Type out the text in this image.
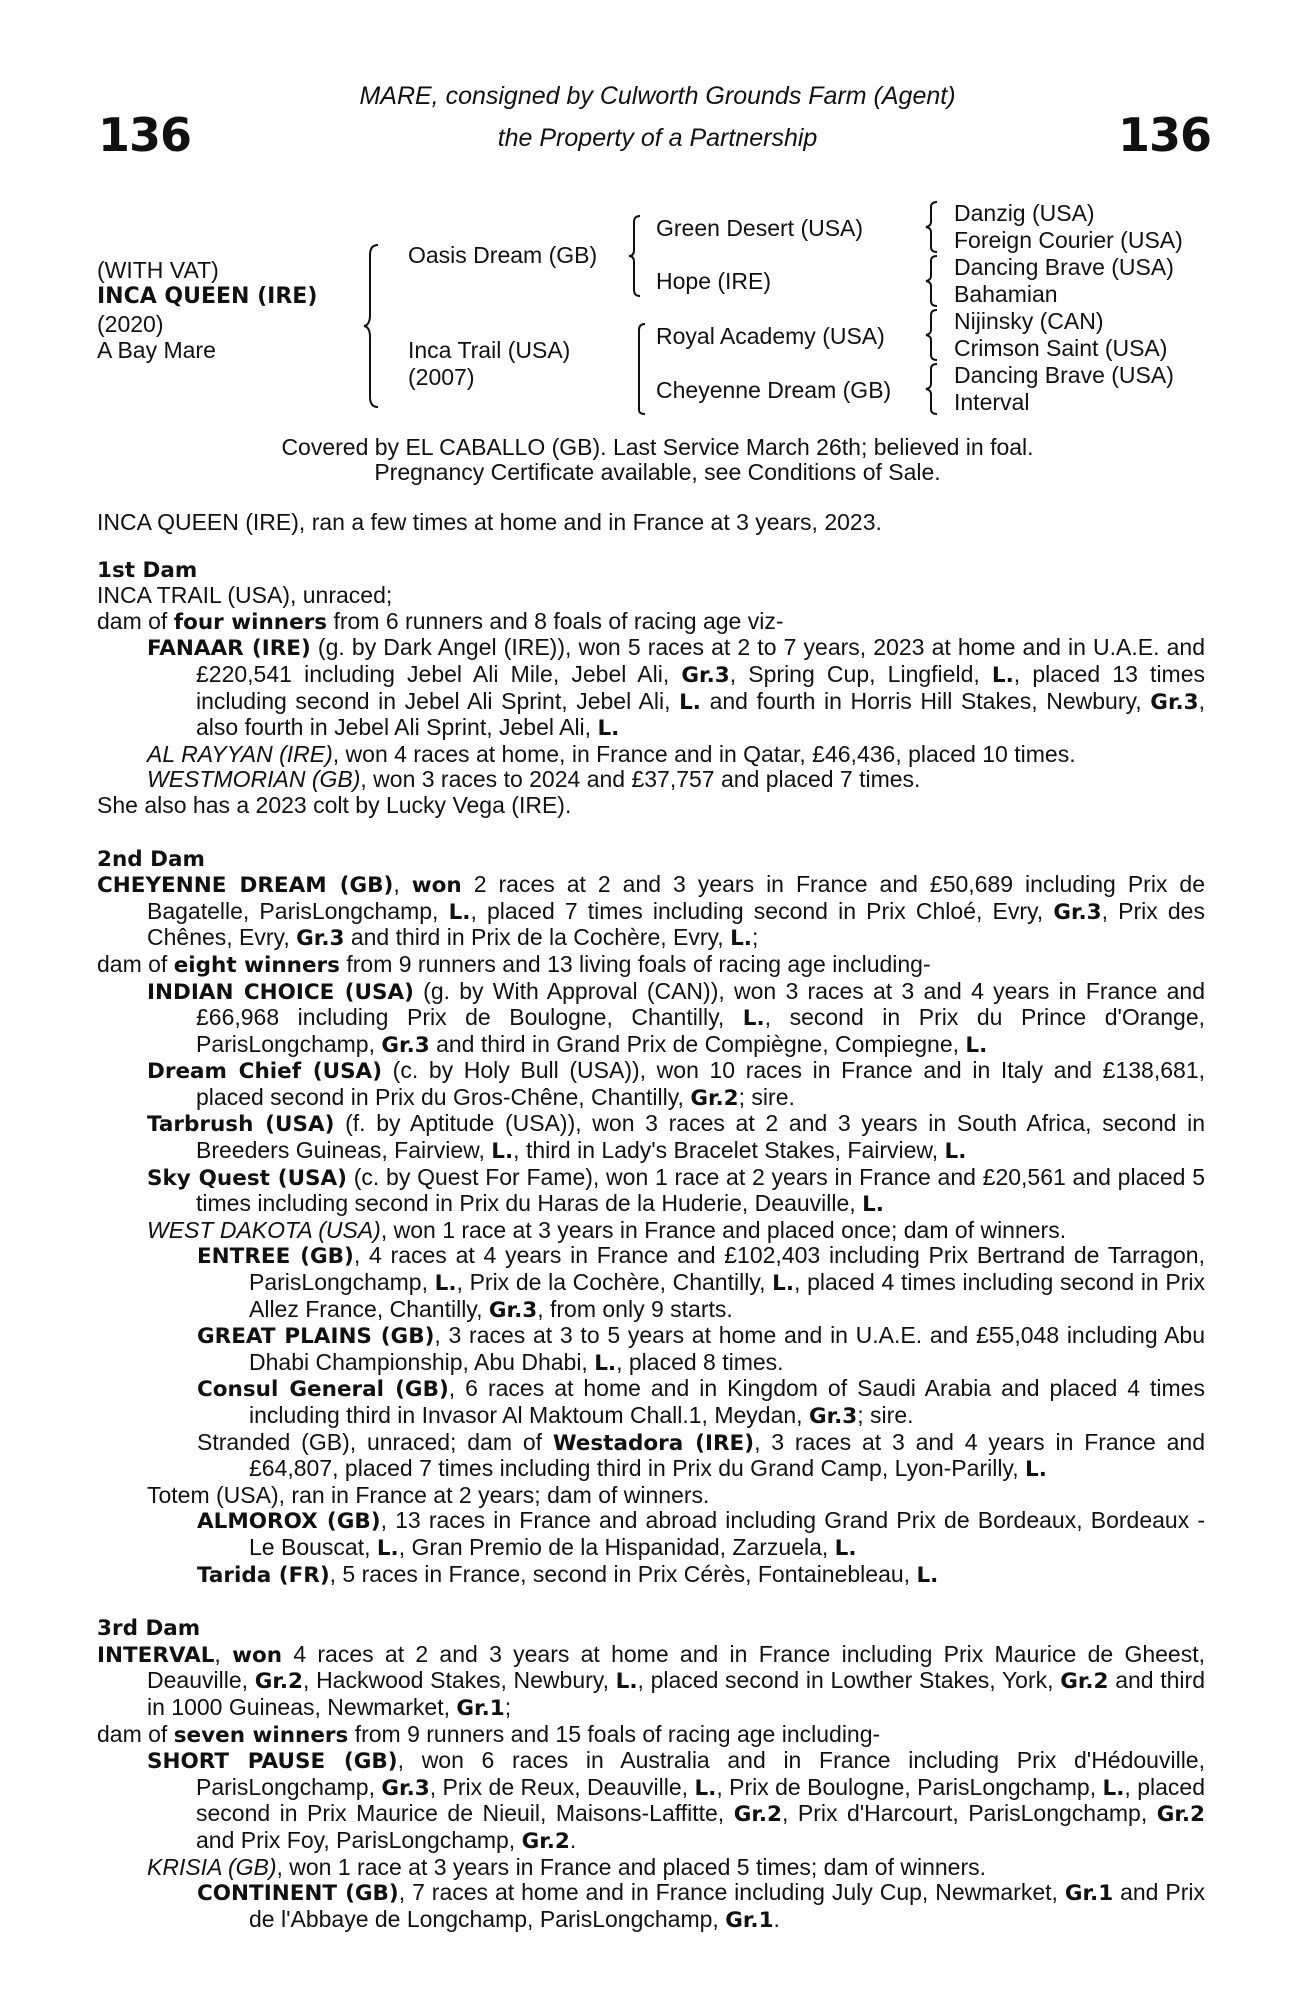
136	136
MARE, consigned by Culworth Grounds Farm (Agent)
the Property of a Partnership
(WITH VAT)
INCA QUEEN (IRE)
(2020)
A Bay Mare
Oasis Dream (GB)
Inca Trail (USA)
(2007)
Green Desert (USA)
Hope (IRE)
Royal Academy (USA)
Cheyenne Dream (GB)
Danzig (USA)
Foreign Courier (USA)
Dancing Brave (USA)
Bahamian
Nijinsky (CAN)
Crimson Saint (USA)
Dancing Brave (USA)
Interval
Covered by EL CABALLO (GB). Last Service March 26th; believed in foal.
Pregnancy Certificate available, see Conditions of Sale.

INCA QUEEN (IRE), ran a few times at home and in France at 3 years, 2023.

1st Dam

INCA TRAIL (USA), unraced;

dam of four winners from 6 runners and 8 foals of racing age viz-

FANAAR (IRE) (g. by Dark Angel (IRE)), won 5 races at 2 to 7 years, 2023 at home and in U.A.E. and £220,541 including Jebel Ali Mile, Jebel Ali, Gr.3, Spring Cup, Lingfield, L., placed 13 times including second in Jebel Ali Sprint, Jebel Ali, L. and fourth in Horris Hill Stakes, Newbury, Gr.3, also fourth in Jebel Ali Sprint, Jebel Ali, L.

AL RAYYAN (IRE), won 4 races at home, in France and in Qatar, £46,436, placed 10 times.

WESTMORIAN (GB), won 3 races to 2024 and £37,757 and placed 7 times.

She also has a 2023 colt by Lucky Vega (IRE).

2nd Dam

CHEYENNE DREAM (GB), won 2 races at 2 and 3 years in France and £50,689 including Prix de Bagatelle, ParisLongchamp, L., placed 7 times including second in Prix Chloé, Evry, Gr.3, Prix des Chênes, Evry, Gr.3 and third in Prix de la Cochère, Evry, L.;

dam of eight winners from 9 runners and 13 living foals of racing age including-

INDIAN CHOICE (USA) (g. by With Approval (CAN)), won 3 races at 3 and 4 years in France and £66,968 including Prix de Boulogne, Chantilly, L., second in Prix du Prince d'Orange, ParisLongchamp, Gr.3 and third in Grand Prix de Compiègne, Compiegne, L.

Dream Chief (USA) (c. by Holy Bull (USA)), won 10 races in France and in Italy and £138,681, placed second in Prix du Gros-Chêne, Chantilly, Gr.2; sire.

Tarbrush (USA) (f. by Aptitude (USA)), won 3 races at 2 and 3 years in South Africa, second in Breeders Guineas, Fairview, L., third in Lady's Bracelet Stakes, Fairview, L.

Sky Quest (USA) (c. by Quest For Fame), won 1 race at 2 years in France and £20,561 and placed 5 times including second in Prix du Haras de la Huderie, Deauville, L.

WEST DAKOTA (USA), won 1 race at 3 years in France and placed once; dam of winners.

ENTREE (GB), 4 races at 4 years in France and £102,403 including Prix Bertrand de Tarragon, ParisLongchamp, L., Prix de la Cochère, Chantilly, L., placed 4 times including second in Prix Allez France, Chantilly, Gr.3, from only 9 starts.

GREAT PLAINS (GB), 3 races at 3 to 5 years at home and in U.A.E. and £55,048 including Abu Dhabi Championship, Abu Dhabi, L., placed 8 times.

Consul General (GB), 6 races at home and in Kingdom of Saudi Arabia and placed 4 times including third in Invasor Al Maktoum Chall.1, Meydan, Gr.3; sire.

Stranded (GB), unraced; dam of Westadora (IRE), 3 races at 3 and 4 years in France and £64,807, placed 7 times including third in Prix du Grand Camp, Lyon-Parilly, L.

Totem (USA), ran in France at 2 years; dam of winners.

ALMOROX (GB), 13 races in France and abroad including Grand Prix de Bordeaux, Bordeaux - Le Bouscat, L., Gran Premio de la Hispanidad, Zarzuela, L.

Tarida (FR), 5 races in France, second in Prix Cérès, Fontainebleau, L.

3rd Dam

INTERVAL, won 4 races at 2 and 3 years at home and in France including Prix Maurice de Gheest, Deauville, Gr.2, Hackwood Stakes, Newbury, L., placed second in Lowther Stakes, York, Gr.2 and third in 1000 Guineas, Newmarket, Gr.1;

dam of seven winners from 9 runners and 15 foals of racing age including-

SHORT PAUSE (GB), won 6 races in Australia and in France including Prix d'Hédouville, ParisLongchamp, Gr.3, Prix de Reux, Deauville, L., Prix de Boulogne, ParisLongchamp, L., placed second in Prix Maurice de Nieuil, Maisons-Laffitte, Gr.2, Prix d'Harcourt, ParisLongchamp, Gr.2 and Prix Foy, ParisLongchamp, Gr.2.

KRISIA (GB), won 1 race at 3 years in France and placed 5 times; dam of winners.

CONTINENT (GB), 7 races at home and in France including July Cup, Newmarket, Gr.1 and Prix de l'Abbaye de Longchamp, ParisLongchamp, Gr.1.
